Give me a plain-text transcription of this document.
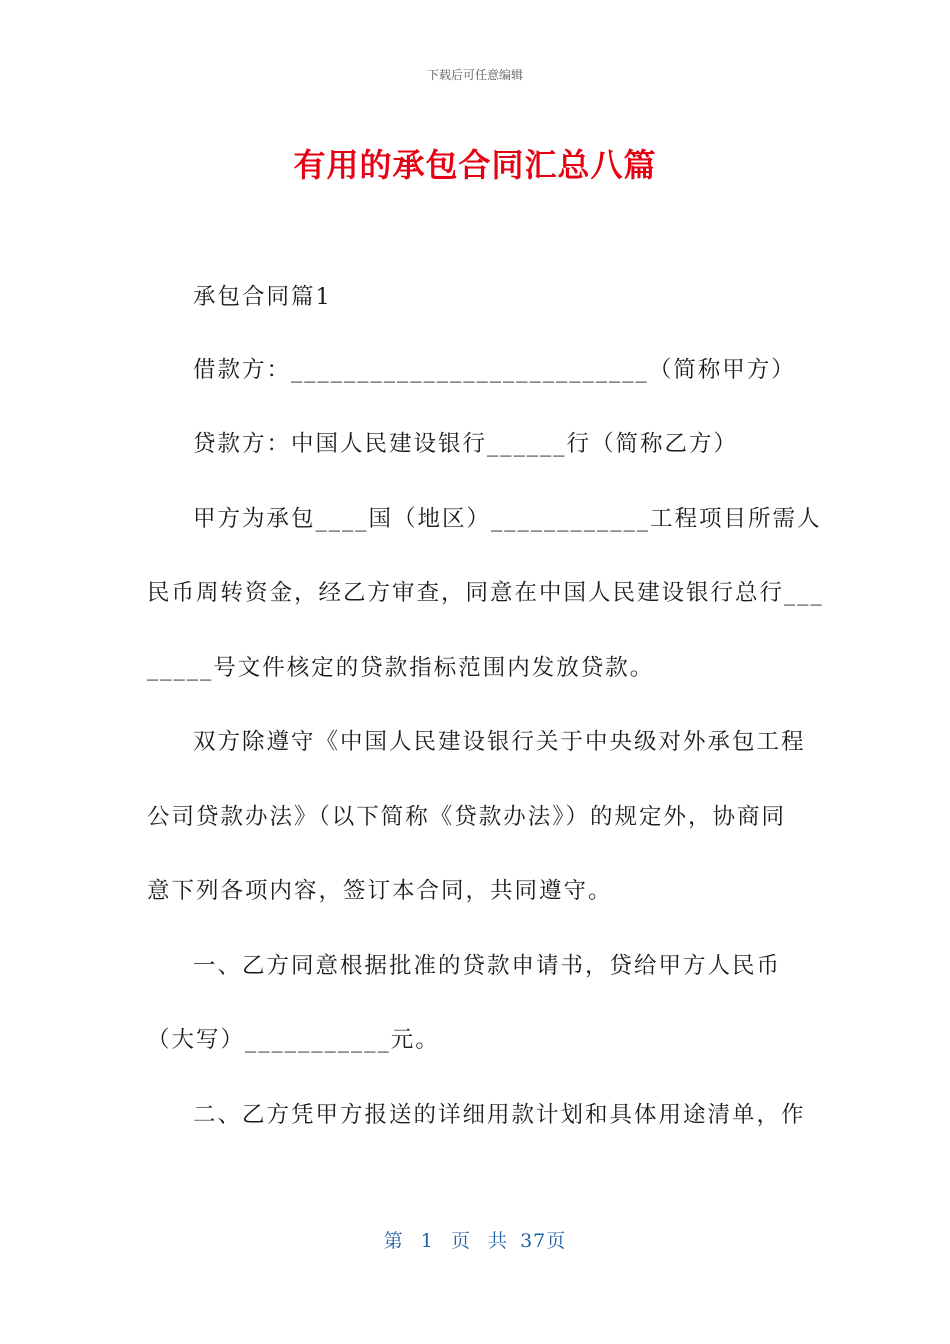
下载后可任意编辑
有用的承包合同汇总八篇
承包合同篇1
借款方：___________________________（简称甲方）
贷款方：中国人民建设银行______行（简称乙方）
甲方为承包____国（地区）____________工程项目所需人
民币周转资金，经乙方审查，同意在中国人民建设银行总行___
_____号文件核定的贷款指标范围内发放贷款。
双方除遵守《中国人民建设银行关于中央级对外承包工程
公司贷款办法》（以下简称《贷款办法》）的规定外，协商同
意下列各项内容，签订本合同，共同遵守。
一、乙方同意根据批准的贷款申请书，贷给甲方人民币
（大写）___________元。
二、乙方凭甲方报送的详细用款计划和具体用途清单，作
第 1 页 共 37页
